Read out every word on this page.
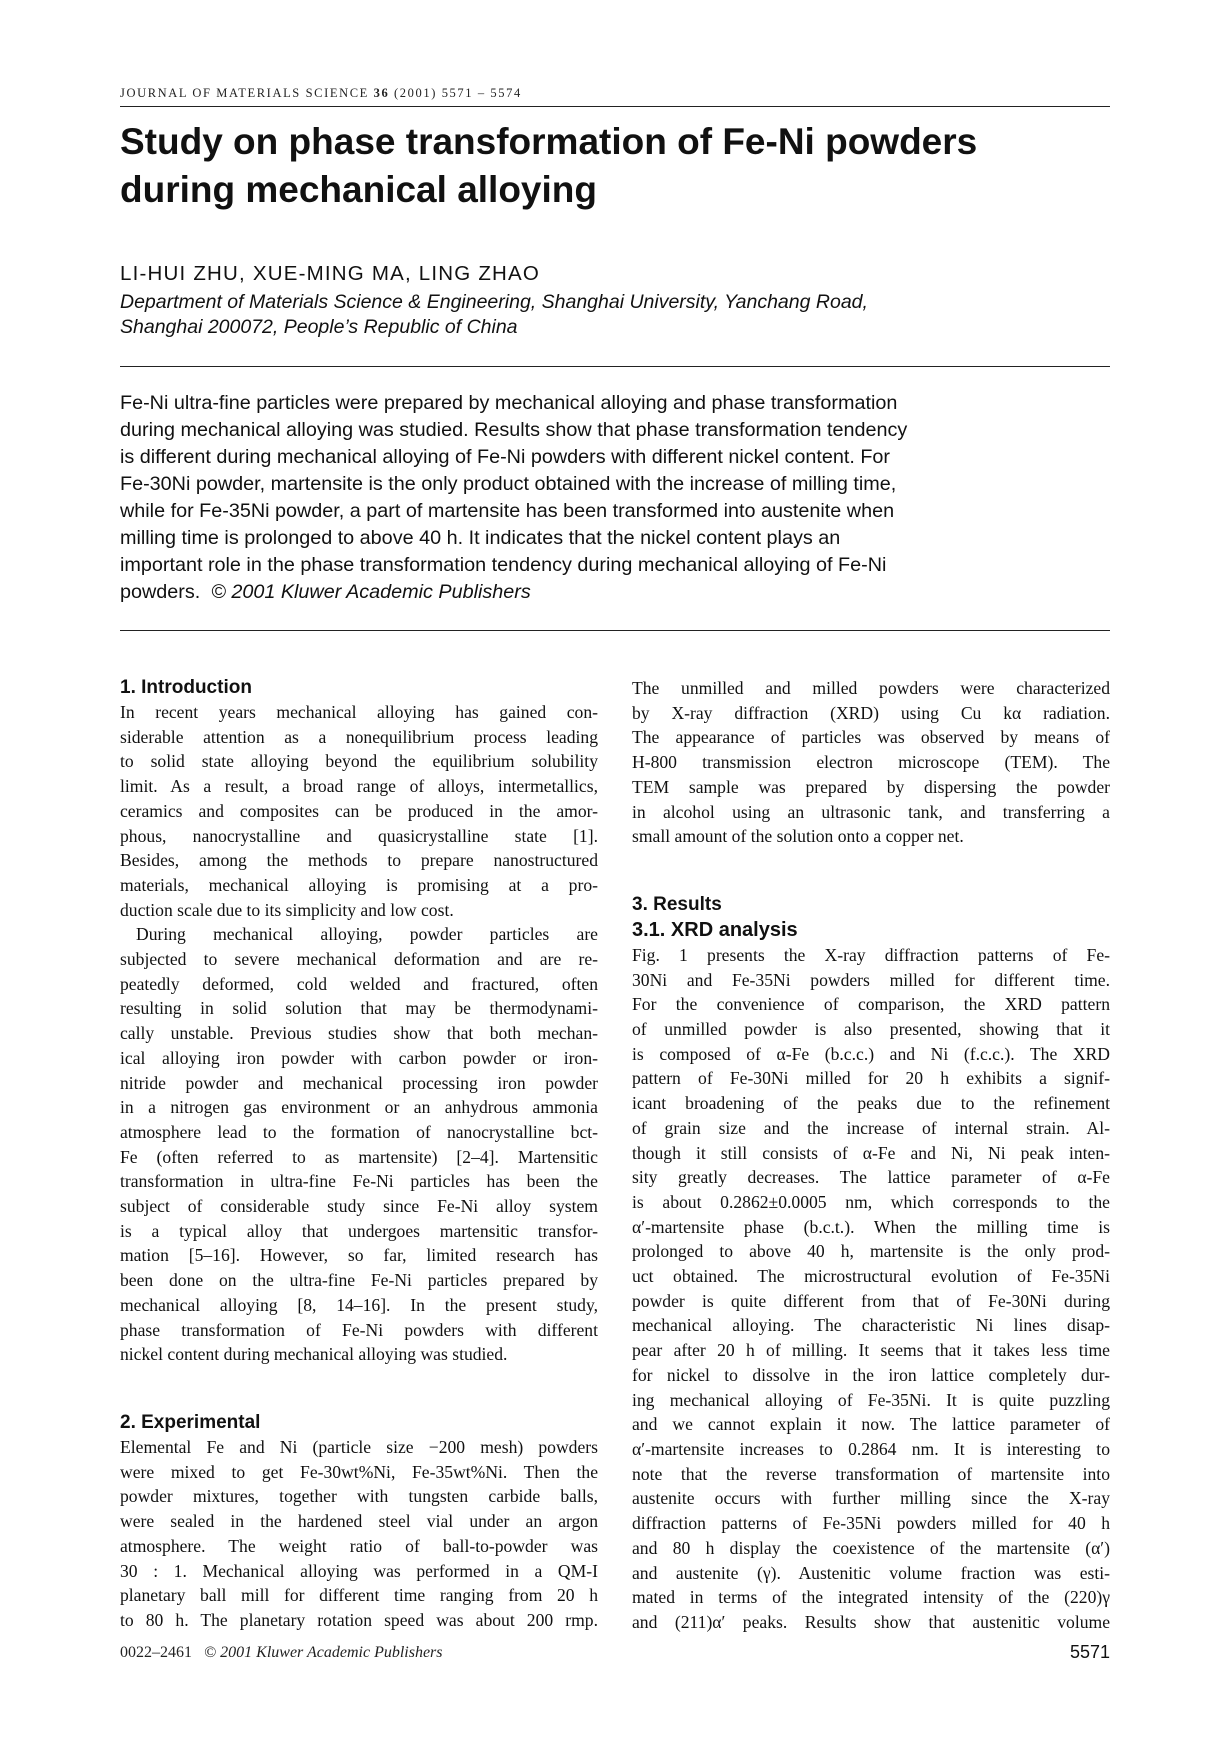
JOURNAL OF MATERIALS SCIENCE 36 (2001) 5571 – 5574
Study on phase transformation of Fe-Ni powders
during mechanical alloying
LI-HUI ZHU, XUE-MING MA, LING ZHAO
Department of Materials Science & Engineering, Shanghai University, Yanchang Road,
Shanghai 200072, People’s Republic of China
Fe-Ni ultra-fine particles were prepared by mechanical alloying and phase transformation
during mechanical alloying was studied. Results show that phase transformation tendency
is different during mechanical alloying of Fe-Ni powders with different nickel content. For
Fe-30Ni powder, martensite is the only product obtained with the increase of milling time,
while for Fe-35Ni powder, a part of martensite has been transformed into austenite when
milling time is prolonged to above 40 h. It indicates that the nickel content plays an
important role in the phase transformation tendency during mechanical alloying of Fe-Ni
powders. © 2001 Kluwer Academic Publishers
1. Introduction
In recent years mechanical alloying has gained con-
siderable attention as a nonequilibrium process leading
to solid state alloying beyond the equilibrium solubility
limit. As a result, a broad range of alloys, intermetallics,
ceramics and composites can be produced in the amor-
phous, nanocrystalline and quasicrystalline state [1].
Besides, among the methods to prepare nanostructured
materials, mechanical alloying is promising at a pro-
duction scale due to its simplicity and low cost.
During mechanical alloying, powder particles are
subjected to severe mechanical deformation and are re-
peatedly deformed, cold welded and fractured, often
resulting in solid solution that may be thermodynami-
cally unstable. Previous studies show that both mechan-
ical alloying iron powder with carbon powder or iron-
nitride powder and mechanical processing iron powder
in a nitrogen gas environment or an anhydrous ammonia
atmosphere lead to the formation of nanocrystalline bct-
Fe (often referred to as martensite) [2–4]. Martensitic
transformation in ultra-fine Fe-Ni particles has been the
subject of considerable study since Fe-Ni alloy system
is a typical alloy that undergoes martensitic transfor-
mation [5–16]. However, so far, limited research has
been done on the ultra-fine Fe-Ni particles prepared by
mechanical alloying [8, 14–16]. In the present study,
phase transformation of Fe-Ni powders with different
nickel content during mechanical alloying was studied.
2. Experimental
Elemental Fe and Ni (particle size −200 mesh) powders
were mixed to get Fe-30wt%Ni, Fe-35wt%Ni. Then the
powder mixtures, together with tungsten carbide balls,
were sealed in the hardened steel vial under an argon
atmosphere. The weight ratio of ball-to-powder was
30 : 1. Mechanical alloying was performed in a QM-I
planetary ball mill for different time ranging from 20 h
to 80 h. The planetary rotation speed was about 200 rmp.
The unmilled and milled powders were characterized
by X-ray diffraction (XRD) using Cu kα radiation.
The appearance of particles was observed by means of
H-800 transmission electron microscope (TEM). The
TEM sample was prepared by dispersing the powder
in alcohol using an ultrasonic tank, and transferring a
small amount of the solution onto a copper net.
3. Results
3.1. XRD analysis
Fig. 1 presents the X-ray diffraction patterns of Fe-
30Ni and Fe-35Ni powders milled for different time.
For the convenience of comparison, the XRD pattern
of unmilled powder is also presented, showing that it
is composed of α-Fe (b.c.c.) and Ni (f.c.c.). The XRD
pattern of Fe-30Ni milled for 20 h exhibits a signif-
icant broadening of the peaks due to the refinement
of grain size and the increase of internal strain. Al-
though it still consists of α-Fe and Ni, Ni peak inten-
sity greatly decreases. The lattice parameter of α-Fe
is about 0.2862±0.0005 nm, which corresponds to the
α′-martensite phase (b.c.t.). When the milling time is
prolonged to above 40 h, martensite is the only prod-
uct obtained. The microstructural evolution of Fe-35Ni
powder is quite different from that of Fe-30Ni during
mechanical alloying. The characteristic Ni lines disap-
pear after 20 h of milling. It seems that it takes less time
for nickel to dissolve in the iron lattice completely dur-
ing mechanical alloying of Fe-35Ni. It is quite puzzling
and we cannot explain it now. The lattice parameter of
α′-martensite increases to 0.2864 nm. It is interesting to
note that the reverse transformation of martensite into
austenite occurs with further milling since the X-ray
diffraction patterns of Fe-35Ni powders milled for 40 h
and 80 h display the coexistence of the martensite (α′)
and austenite (γ). Austenitic volume fraction was esti-
mated in terms of the integrated intensity of the (220)γ
and (211)α′ peaks. Results show that austenitic volume
0022–2461 © 2001 Kluwer Academic Publishers	5571
